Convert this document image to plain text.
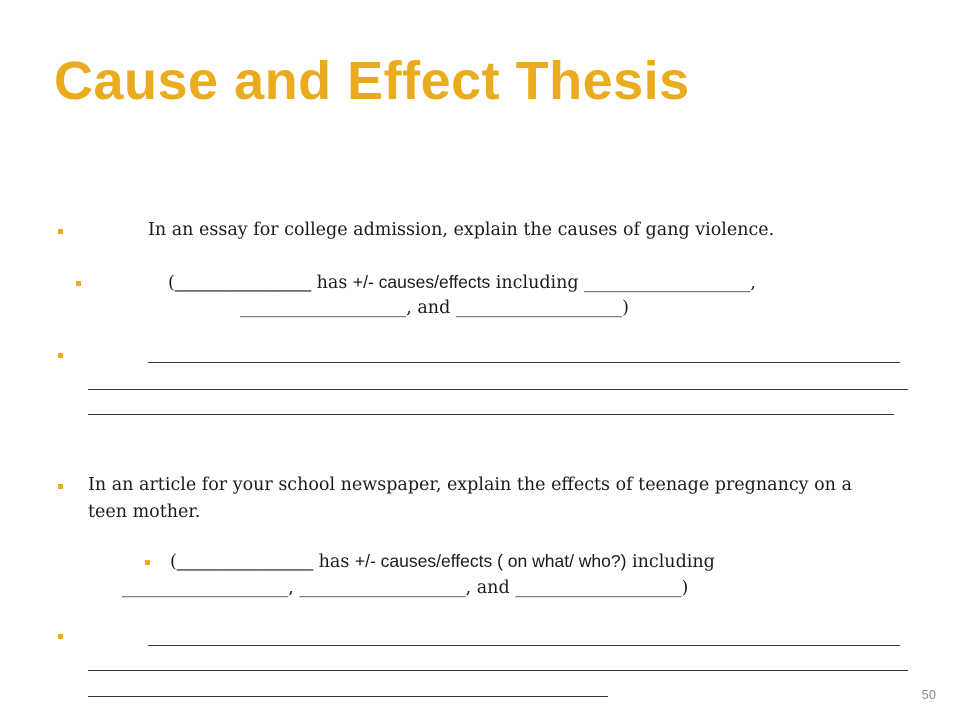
Cause and Effect Thesis
In an essay for college admission, explain the causes of gang violence.
(______________ has +/- causes/effects including ___________________,
___________________, and ___________________)
In an article for your school newspaper, explain the effects of teenage pregnancy on a
teen mother.
(______________ has +/- causes/effects ( on what/ who?) including
___________________, ___________________, and ___________________)
50
